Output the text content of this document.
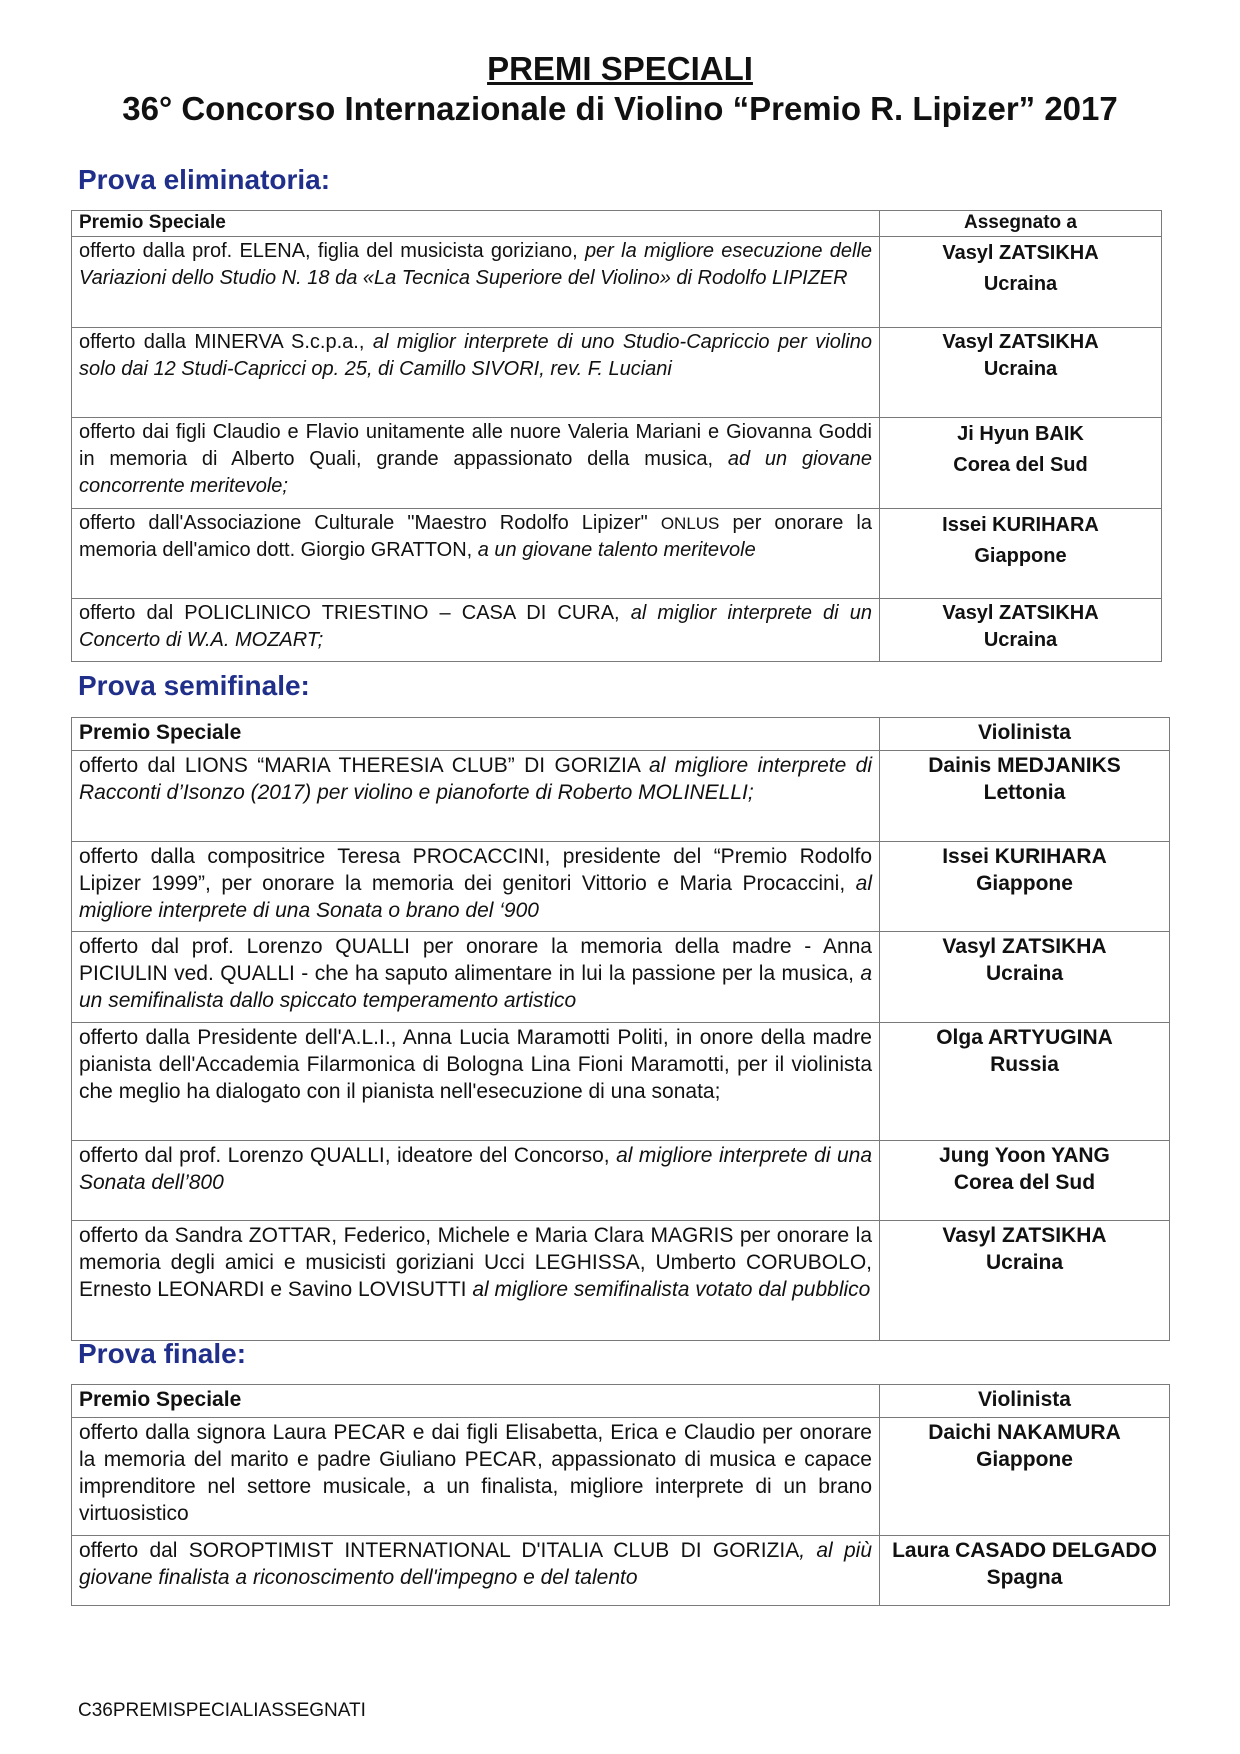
PREMI SPECIALI
36° Concorso Internazionale di Violino “Premio R. Lipizer” 2017
Prova eliminatoria:
Premio Speciale	Assegnato a
offerto dalla prof. ELENA, figlia del musicista goriziano, per la migliore esecuzione delle Variazioni dello Studio N. 18 da «La Tecnica Superiore del Violino» di Rodolfo LIPIZER	Vasyl ZATSIKHA
Ucraina

offerto dalla MINERVA S.c.p.a., al miglior interprete di uno Studio-Capriccio per violino solo dai 12 Studi-Capricci op. 25, di Camillo SIVORI, rev. F. Luciani	Vasyl ZATSIKHA
Ucraina

offerto dai figli Claudio e Flavio unitamente alle nuore Valeria Mariani e Giovanna Goddi in memoria di Alberto Quali, grande appassionato della musica, ad un giovane concorrente meritevole;	Ji Hyun BAIK
Corea del Sud

offerto dall'Associazione Culturale "Maestro Rodolfo Lipizer" ONLUS per onorare la memoria dell'amico dott. Giorgio GRATTON, a un giovane talento meritevole	Issei KURIHARA
Giappone

offerto dal POLICLINICO TRIESTINO – CASA DI CURA, al miglior interprete di un Concerto di W.A. MOZART;	Vasyl ZATSIKHA
Ucraina
Prova semifinale:
Premio Speciale	Violinista
offerto dal LIONS “MARIA THERESIA CLUB” DI GORIZIA al migliore interprete di Racconti d’Isonzo (2017) per violino e pianoforte di Roberto MOLINELLI;	Dainis MEDJANIKS
Lettonia

offerto dalla compositrice Teresa PROCACCINI, presidente del “Premio Rodolfo Lipizer 1999”, per onorare la memoria dei genitori Vittorio e Maria Procaccini, al migliore interprete di una Sonata o brano del ‘900	Issei KURIHARA
Giappone

offerto dal prof. Lorenzo QUALLI per onorare la memoria della madre - Anna PICIULIN ved. QUALLI - che ha saputo alimentare in lui la passione per la musica, a un semifinalista dallo spiccato temperamento artistico	Vasyl ZATSIKHA
Ucraina

offerto dalla Presidente dell'A.L.I., Anna Lucia Maramotti Politi, in onore della madre pianista dell'Accademia Filarmonica di Bologna Lina Fioni Maramotti, per il violinista che meglio ha dialogato con il pianista nell'esecuzione di una sonata;	Olga ARTYUGINA
Russia

offerto dal prof. Lorenzo QUALLI, ideatore del Concorso, al migliore interprete di una Sonata dell’800	Jung Yoon YANG
Corea del Sud

offerto da Sandra ZOTTAR, Federico, Michele e Maria Clara MAGRIS per onorare la memoria degli amici e musicisti goriziani Ucci LEGHISSA, Umberto CORUBOLO, Ernesto LEONARDI e Savino LOVISUTTI al migliore semifinalista votato dal pubblico	Vasyl ZATSIKHA
Ucraina
Prova finale:
Premio Speciale	Violinista
offerto dalla signora Laura PECAR e dai figli Elisabetta, Erica e Claudio per onorare la memoria del marito e padre Giuliano PECAR, appassionato di musica e capace imprenditore nel settore musicale, a un finalista, migliore interprete di un brano virtuosistico	Daichi NAKAMURA
Giappone

offerto dal SOROPTIMIST INTERNATIONAL D'ITALIA CLUB DI GORIZIA, al più giovane finalista a riconoscimento dell'impegno e del talento	Laura CASADO DELGADO
Spagna

C36PREMISPECIALIASSEGNATI
